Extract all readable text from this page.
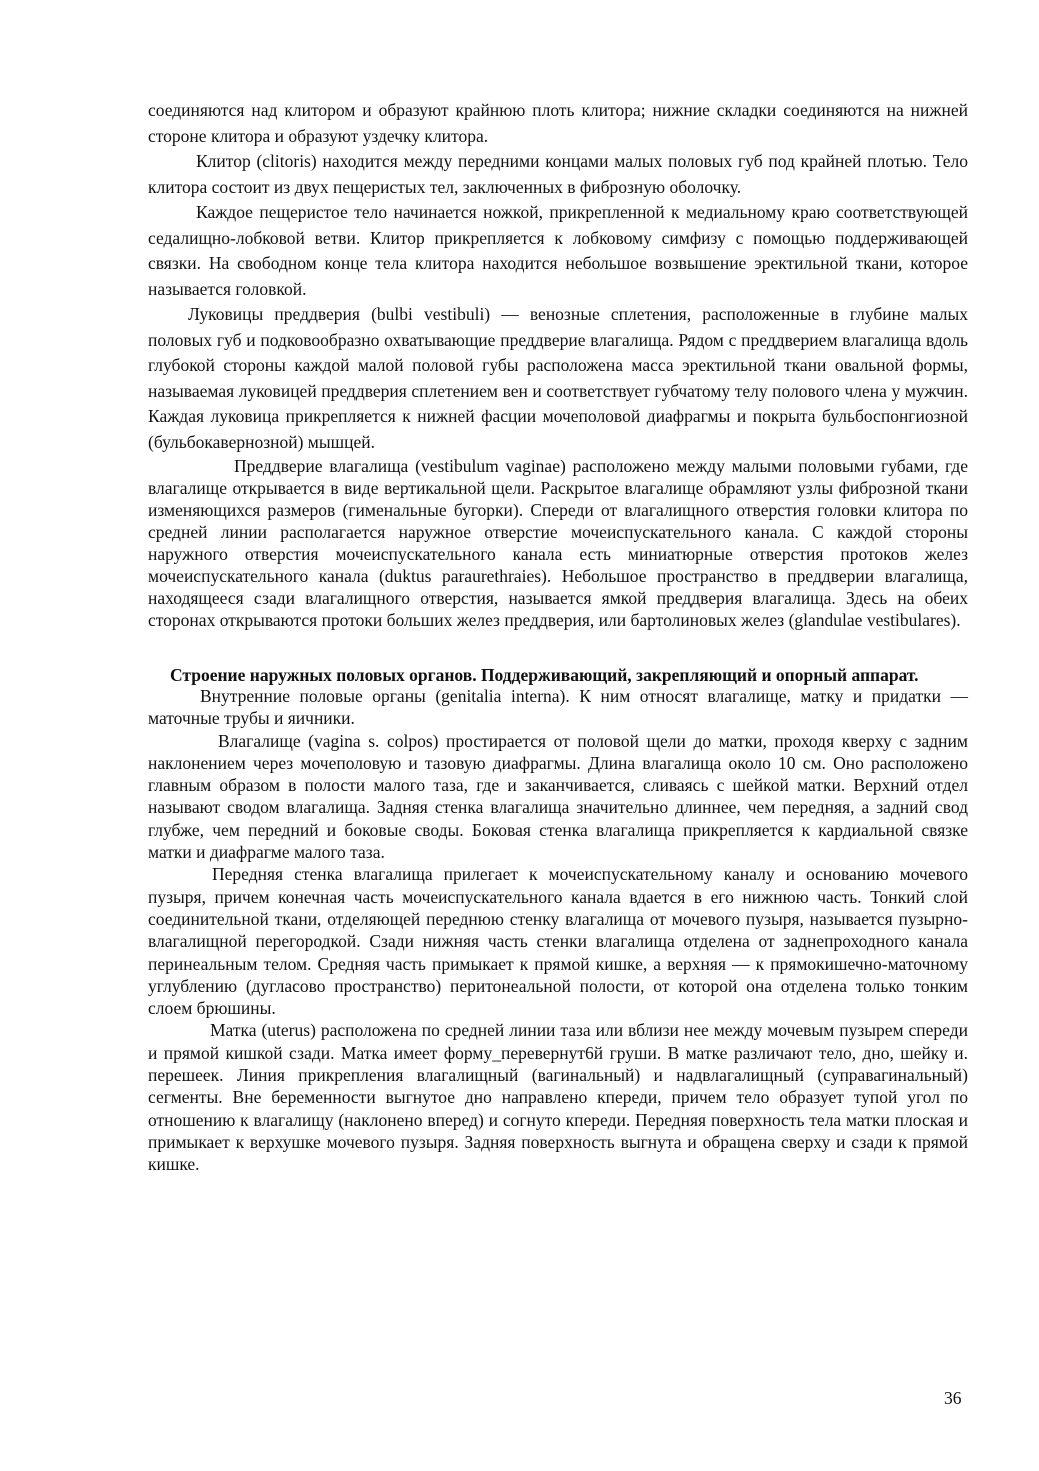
соединяются над клитором и образуют крайнюю плоть клитора; нижние складки соединяются на нижней стороне клитора и образуют уздечку клитора.

Клитор (clitoris) находится между передними концами малых половых губ под крайней плотью. Тело клитора состоит из двух пещеристых тел, заключенных в фиброзную оболочку.

Каждое пещеристое тело начинается ножкой, прикрепленной к медиальному краю соответствующей седалищно-лобковой ветви. Клитор прикрепляется к лобковому симфизу с помощью поддерживающей связки. На свободном конце тела клитора находится небольшое возвышение эректильной ткани, которое называется головкой.

Луковицы преддверия (bulbi vestibuli) — венозные сплетения, расположенные в глубине малых половых губ и подковообразно охватывающие преддверие влагалища. Рядом с преддверием влагалища вдоль глубокой стороны каждой малой половой губы расположена масса эректильной ткани овальной формы, называемая луковицей преддверия сплетением вен и соответствует губчатому телу полового члена у мужчин. Каждая луковица прикрепляется к нижней фасции мочеполовой диафрагмы и покрыта бульбоспонгиозной (бульбокавернозной) мышцей.

Преддверие влагалища (vestibulum vaginae) расположено между малыми половыми губами, где влагалище открывается в виде вертикальной щели. Раскрытое влагалище обрамляют узлы фиброзной ткани изменяющихся размеров (гименальные бугорки). Спереди от влагалищного отверстия головки клитора по средней линии располагается наружное отверстие мочеиспускательного канала. С каждой стороны наружного отверстия мочеиспускательного канала есть миниатюрные отверстия протоков желез мочеиспускательного канала (duktus paraurethraies). Небольшое пространство в преддверии влагалища, находящееся сзади влагалищного отверстия, называется ямкой преддверия влагалища. Здесь на обеих сторонах открываются протоки больших желез преддверия, или бартолиновых желез (glandulae vestibulares).

Строение наружных половых органов. Поддерживающий, закрепляющий и опорный аппарат.

Внутренние половые органы (genitalia interna). К ним относят влагалище, матку и придатки — маточные трубы и яичники.

Влагалище (vagina s. colpos) простирается от половой щели до матки, проходя кверху с задним наклонением через мочеполовую и тазовую диафрагмы. Длина влагалища около 10 см. Оно расположено главным образом в полости малого таза, где и заканчивается, сливаясь с шейкой матки. Верхний отдел называют сводом влагалища. Задняя стенка влагалища значительно длиннее, чем передняя, а задний свод глубже, чем передний и боковые своды. Боковая стенка влагалища прикрепляется к кардиальной связке матки и диафрагме малого таза.

Передняя стенка влагалища прилегает к мочеиспускательному каналу и основанию мочевого пузыря, причем конечная часть мочеиспускательного канала вдается в его нижнюю часть. Тонкий слой соединительной ткани, отделяющей переднюю стенку влагалища от мочевого пузыря, называется пузырно-влагалищной перегородкой. Сзади нижняя часть стенки влагалища отделена от заднепроходного канала перинеальным телом. Средняя часть примыкает к прямой кишке, а верхняя — к прямокишечно-маточному углублению (дугласово пространство) перитонеальной полости, от которой она отделена только тонким слоем брюшины.

Матка (uterus) расположена по средней линии таза или вблизи нее между мочевым пузырем спереди и прямой кишкой сзади. Матка имеет форму_перевернут6й груши. В матке различают тело, дно, шейку и. перешеек. Линия прикрепления влагалищный (вагинальный) и надвлагалищный (суправагинальный) сегменты. Вне беременности выгнутое дно направлено кпереди, причем тело образует тупой угол по отношению к влагалищу (наклонено вперед) и согнуто кпереди. Передняя поверхность тела матки плоская и примыкает к верхушке мочевого пузыря. Задняя поверхность выгнута и обращена сверху и сзади к прямой кишке.

36
